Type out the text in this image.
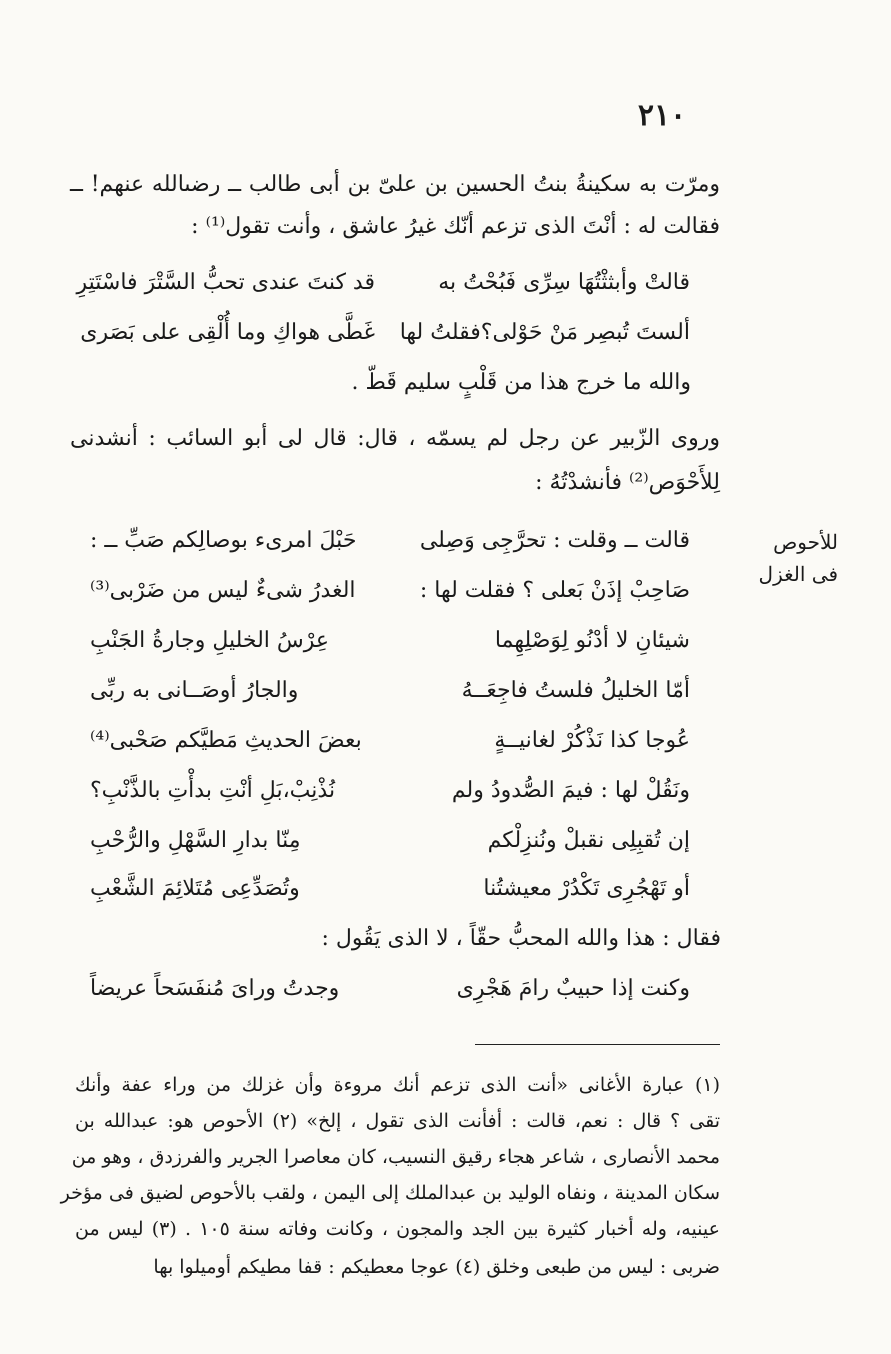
٢١٠
ومرّت به سكينةُ بنتُ الحسين بن علىّ بن أبى طالب ــ رضىالله عنهم! ــ
فقالت له : أنْتَ الذى تزعم أنّك غيرُ عاشق ، وأنت تقول⁽¹⁾ :
قالتْ وأبثثْتُهَا سِرِّى فَبُحْتُ به
قد كنتَ عندى تحبُّ السَّتْرَ فاسْتَتِرِ
ألستَ تُبصِر مَنْ حَوْلى؟فقلتُ لها
غَطَّى هواكِ وما أُلْقِى على بَصَرى
والله ما خرج هذا من قَلْبٍ سليم قَطّ .
وروى الزّبير عن رجل لم يسمّه ، قال: قال لى أبو السائب : أنشدنى
لِلأَحْوَص⁽²⁾ فأنشدْتُهُ :
للأحوص
فى الغزل
قالت ــ وقلت : تحرَّجِى وَصِلى
حَبْلَ امرىء بوصالِكم صَبِّ ــ :
صَاحِبْ إذَنْ بَعلى ؟ فقلت لها :
الغدرُ شىءٌ ليس من ضَرْبى⁽³⁾
شيئانِ لا أدْنُو لِوَصْلِهِما
عِرْسُ الخليلِ وجارةُ الجَنْبِ
أمّا الخليلُ فلستُ فاجِعَــهُ
والجارُ أوصَــانى به ربِّى
عُوجا كذا نَذْكُرْ لغانيــةٍ
بعضَ الحديثِ مَطيَّكم صَحْبى⁽⁴⁾
ونَقُلْ لها : فيمَ الصُّدودُ ولم
نُذْنِبْ،بَلِ أنْتِ بدأْتِ بالذَّنْبِ؟
إن تُقبِلِى نقبلْ ونُنزِلْكم
مِنّا بدارِ السَّهْلِ والرُّحْبِ
أو تَهْجُرِى تَكْدُرْ معيشتُنا
وتُصَدِّعِى مُتَلائِمَ الشَّعْبِ
فقال : هذا والله المحبُّ حقّاً ، لا الذى يَقُول :
وكنت إذا حبيبٌ رامَ هَجْرِى
وجدتُ وراىَ مُنفَسَحاً عريضاً
(١) عبارة الأغانى «أنت الذى تزعم أنك مروءة وأن غزلك من وراء عفة وأنك
تقى ؟ قال : نعم، قالت : أفأنت الذى تقول ، إلخ» (٢) الأحوص هو: عبدالله بن
محمد الأنصارى ، شاعر هجاء رقيق النسيب، كان معاصرا الجرير والفرزدق ، وهو من
سكان المدينة ، ونفاه الوليد بن عبدالملك إلى اليمن ، ولقب بالأحوص لضيق فى مؤخر
عينيه، وله أخبار كثيرة بين الجد والمجون ، وكانت وفاته سنة ١٠٥ . (٣) ليس من
ضربى : ليس من طبعى وخلق (٤) عوجا معطيكم : قفا مطيكم أوميلوا بها
